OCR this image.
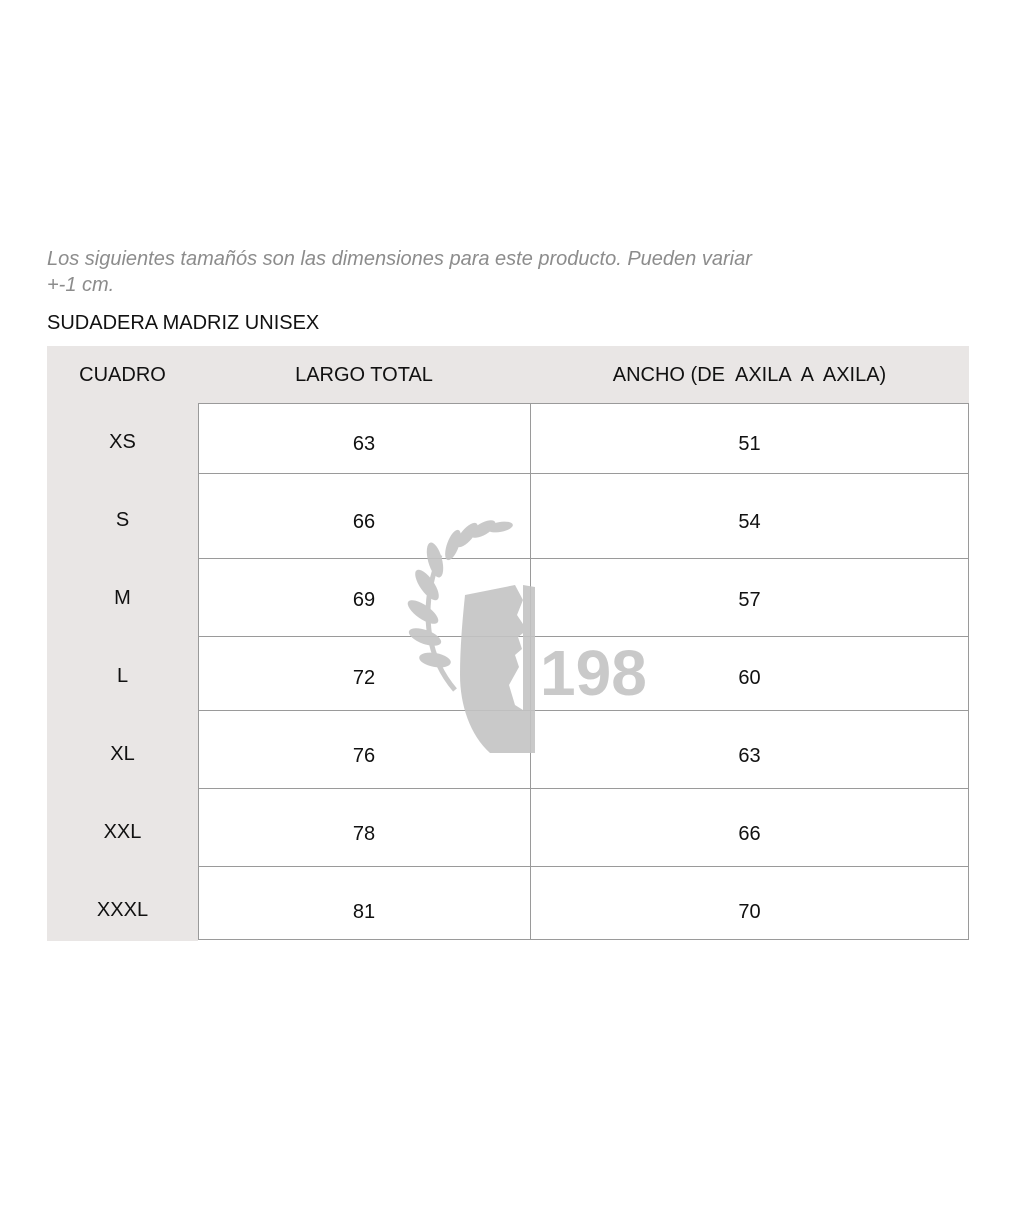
Los siguientes tamañós son las dimensiones para este producto. Pueden variar
+-1 cm.
SUDADERA MADRIZ UNISEX
CUADRO	LARGO TOTAL	ANCHO (DE  AXILA  A  AXILA)
XS	63	51
S	66	54
M	69	57
L	72	60
XL	76	63
XXL	78	66
XXXL	81	70
198
